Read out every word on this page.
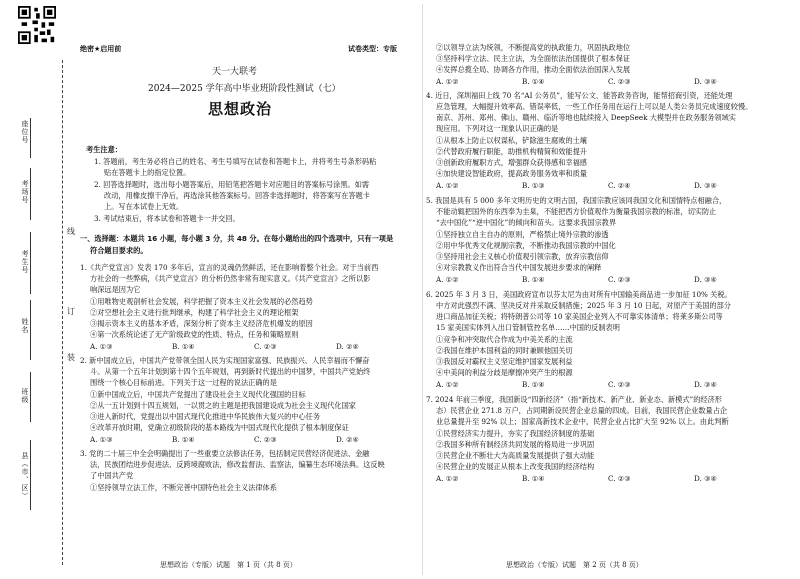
座位号
考场号
考生号
姓名
班级
县（市、区）
线
订
装
绝密★启用前	试卷类型：专版
天一大联考
2024—2025 学年高中毕业班阶段性测试（七）
思想政治
考生注意：
1. 答题前，考生务必将自己的姓名、考生号填写在试卷和答题卡上，并将考生号条形码粘
贴在答题卡上的指定位置。
2. 回答选择题时，选出每小题答案后，用铅笔把答题卡对应题目的答案标号涂黑。如需
改动，用橡皮擦干净后，再选涂其他答案标号。回答非选择题时，将答案写在答题卡
上。写在本试卷上无效。
3. 考试结束后，将本试卷和答题卡一并交回。
一、选择题：本题共 16 小题，每小题 3 分，共 48 分。在每小题给出的四个选项中，只有一项是
符合题目要求的。
1.《共产党宣言》发表 170 多年后，宣言的灵魂仍然鲜活，还在影响着整个社会。对于当前西
方社会的一些弊病，《共产党宣言》的分析仍然非常有现实意义。《共产党宣言》之所以影
响深远是因为它
①用唯物史观剖析社会发展，科学把握了资本主义社会发展的必然趋势
②对空想社会主义进行批判继承，构建了科学社会主义的理论框架
③揭示资本主义的基本矛盾，深刻分析了资本主义经济危机爆发的原因
④第一次系统论述了无产阶级政党的性质、特点，任务和策略原则
A. ①③	B. ①④	C. ②③	D. ②④
2. 新中国成立后，中国共产党带领全国人民为实现国家富强、民族振兴、人民幸福而不懈奋
斗。从第一个五年计划到第十四个五年规划，再到新时代提出的中国梦，中国共产党始终
围绕一个核心目标前进。下列关于这一过程的说法正确的是
①新中国成立后，中国共产党提出了建设社会主义现代化强国的目标
②从一五计划到十四五规划，一以贯之的主题是把我国建设成为社会主义现代化国家
③进入新时代，党提出以中国式现代化推进中华民族伟大复兴的中心任务
④改革开放时期，党确立初级阶段的基本路线为中国式现代化提供了根本制度保证
A. ①③	B. ①④	C. ②③	D. ②④
3. 党的二十届三中全会明确提出了一些重要立法修法任务，包括制定民营经济促进法、金融
法，民族团结进步促进法、反跨境腐败法，修改监督法、监察法，编纂生态环境法典。这反映
了中国共产党
①坚持领导立法工作，不断完善中国特色社会主义法律体系
思想政治（专版）试题　第 1 页（共 8 页）
②以领导立法为统领，不断提高党的执政能力，巩固执政地位
③坚持科学立法、民主立法，为全面依法治国提供了根本保证
④发挥总揽全局、协调各方作用，推动全面依法治国深入发展
A. ①②	B. ①④	C. ②③	D. ③④
4. 近日，深圳福田上线 70 名“AI 公务员”，能写公文、能答政务咨询，能帮招商引资，还能处理
应急管理，大幅提升效率高、错误率低，一些工作任务用在运行上可以是人类公务员完成速度较慢。
南京、苏州、郑州、佛山、赣州、临沂等地也陆续接入 DeepSeek 大模型并在政务服务领域实
现应用。下列对这一现象认识正确的是
①从根本上防止以权谋私，铲除滋生腐败的土壤
②代替政府履行职能，助推机构精简和效能提升
③创新政府履职方式，增强群众获得感和幸福感
④加快建设智能政府，提高政务服务效率和质量
A. ①②	B. ①③	C. ②④	D. ③④
5. 我国是具有 5 000 多年文明历史的文明古国，我国宗教应该同我国文化和国情特点相融合，
不能动辄把国外的东西奉为圭臬，不能把西方价值观作为衡量我国宗教的标准，切实防止
“去中国化”“逆中国化”的倾向和苗头。这要求我国宗教界
①坚持独立自主自办的原则，严格禁止境外宗教的渗透
②用中华优秀文化规制宗教，不断推动我国宗教的中国化
③坚持用社会主义核心价值观引领宗教，放弃宗教信仰
④对宗教教义作出符合当代中国发展进步要求的阐释
A. ①②	B. ①④	C. ②③	D. ③④
6. 2025 年 3 月 3 日，美国政府宣布以芬太尼为由对所有中国输美商品进一步加征 10% 关税。
中方对此强烈不满、坚决反对并采取反制措施；2025 年 3 月 10 日起，对原产于美国的部分
进口商品加征关税；将特朗普公司等 10 家美国企业列入不可靠实体清单；将莱多斯公司等
15 家美国实体列入出口管制管控名单……中国的反制表明
①竞争和冲突取代合作成为中美关系的主流
②我国在维护本国利益的同时兼顾他国关切
③我国反对霸权主义坚定维护国家发展利益
④中美间的利益分歧是摩擦冲突产生的根源
A. ①②	B. ①④	C. ②③	D. ③④
7. 2024 年前三季度，我国新设“四新经济”（指“新技术、新产业、新业态、新模式”的经济形
态）民营企业 271.8 万户，占同期新设民营企业总量的四成。目前，我国民营企业数量占企
业总量提升至 92% 以上；国家高新技术企业中，民营企业占比扩大至 92% 以上。由此判断
①民营经济实力提升，夯实了我国经济制度的基础
②我国多种所有制经济共同发展的格局进一步巩固
③民营企业不断壮大为高质量发展提供了强大动能
④民营企业的发展正从根本上改变我国的经济结构
A. ①②	B. ①④	C. ②③	D. ③④
思想政治（专版）试题　第 2 页（共 8 页）
